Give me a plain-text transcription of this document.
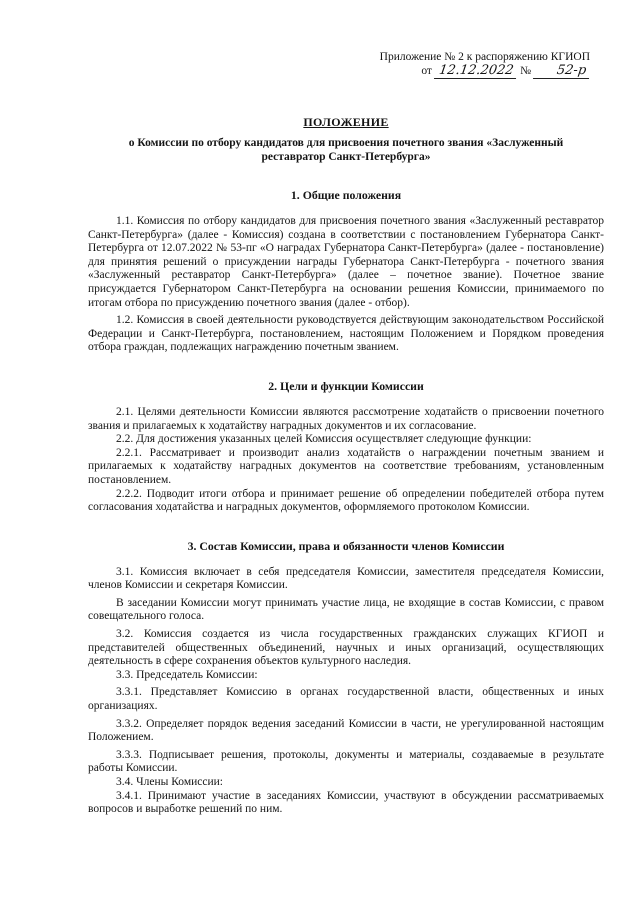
Приложение № 2 к распоряжению КГИОП
от 12.12.2022 № 52-р
ПОЛОЖЕНИЕ
о Комиссии по отбору кандидатов для присвоения почетного звания «Заслуженный реставратор Санкт-Петербурга»
1. Общие положения

1.1. Комиссия по отбору кандидатов для присвоения почетного звания «Заслуженный реставратор Санкт-Петербурга» (далее - Комиссия) создана в соответствии с постановлением Губернатора Санкт-Петербурга от 12.07.2022 № 53-пг «О наградах Губернатора Санкт-Петербурга» (далее - постановление) для принятия решений о присуждении награды Губернатора Санкт-Петербурга - почетного звания «Заслуженный реставратор Санкт-Петербурга» (далее – почетное звание). Почетное звание присуждается Губернатором Санкт-Петербурга на основании решения Комиссии, принимаемого по итогам отбора по присуждению почетного звания (далее - отбор).

1.2. Комиссия в своей деятельности руководствуется действующим законодательством Российской Федерации и Санкт-Петербурга, постановлением, настоящим Положением и Порядком проведения отбора граждан, подлежащих награждению почетным званием.

2. Цели и функции Комиссии

2.1. Целями деятельности Комиссии являются рассмотрение ходатайств о присвоении почетного звания и прилагаемых к ходатайству наградных документов и их согласование.

2.2. Для достижения указанных целей Комиссия осуществляет следующие функции:

2.2.1. Рассматривает и производит анализ ходатайств о награждении почетным званием и прилагаемых к ходатайству наградных документов на соответствие требованиям, установленным постановлением.

2.2.2. Подводит итоги отбора и принимает решение об определении победителей отбора путем согласования ходатайства и наградных документов, оформляемого протоколом Комиссии.

3. Состав Комиссии, права и обязанности членов Комиссии

3.1. Комиссия включает в себя председателя Комиссии, заместителя председателя Комиссии, членов Комиссии и секретаря Комиссии.

В заседании Комиссии могут принимать участие лица, не входящие в состав Комиссии, с правом совещательного голоса.

3.2. Комиссия создается из числа государственных гражданских служащих КГИОП и представителей общественных объединений, научных и иных организаций, осуществляющих деятельность в сфере сохранения объектов культурного наследия.

3.3. Председатель Комиссии:

3.3.1. Представляет Комиссию в органах государственной власти, общественных и иных организациях.

3.3.2. Определяет порядок ведения заседаний Комиссии в части, не урегулированной настоящим Положением.

3.3.3. Подписывает решения, протоколы, документы и материалы, создаваемые в результате работы Комиссии.

3.4. Члены Комиссии:

3.4.1. Принимают участие в заседаниях Комиссии, участвуют в обсуждении рассматриваемых вопросов и выработке решений по ним.
